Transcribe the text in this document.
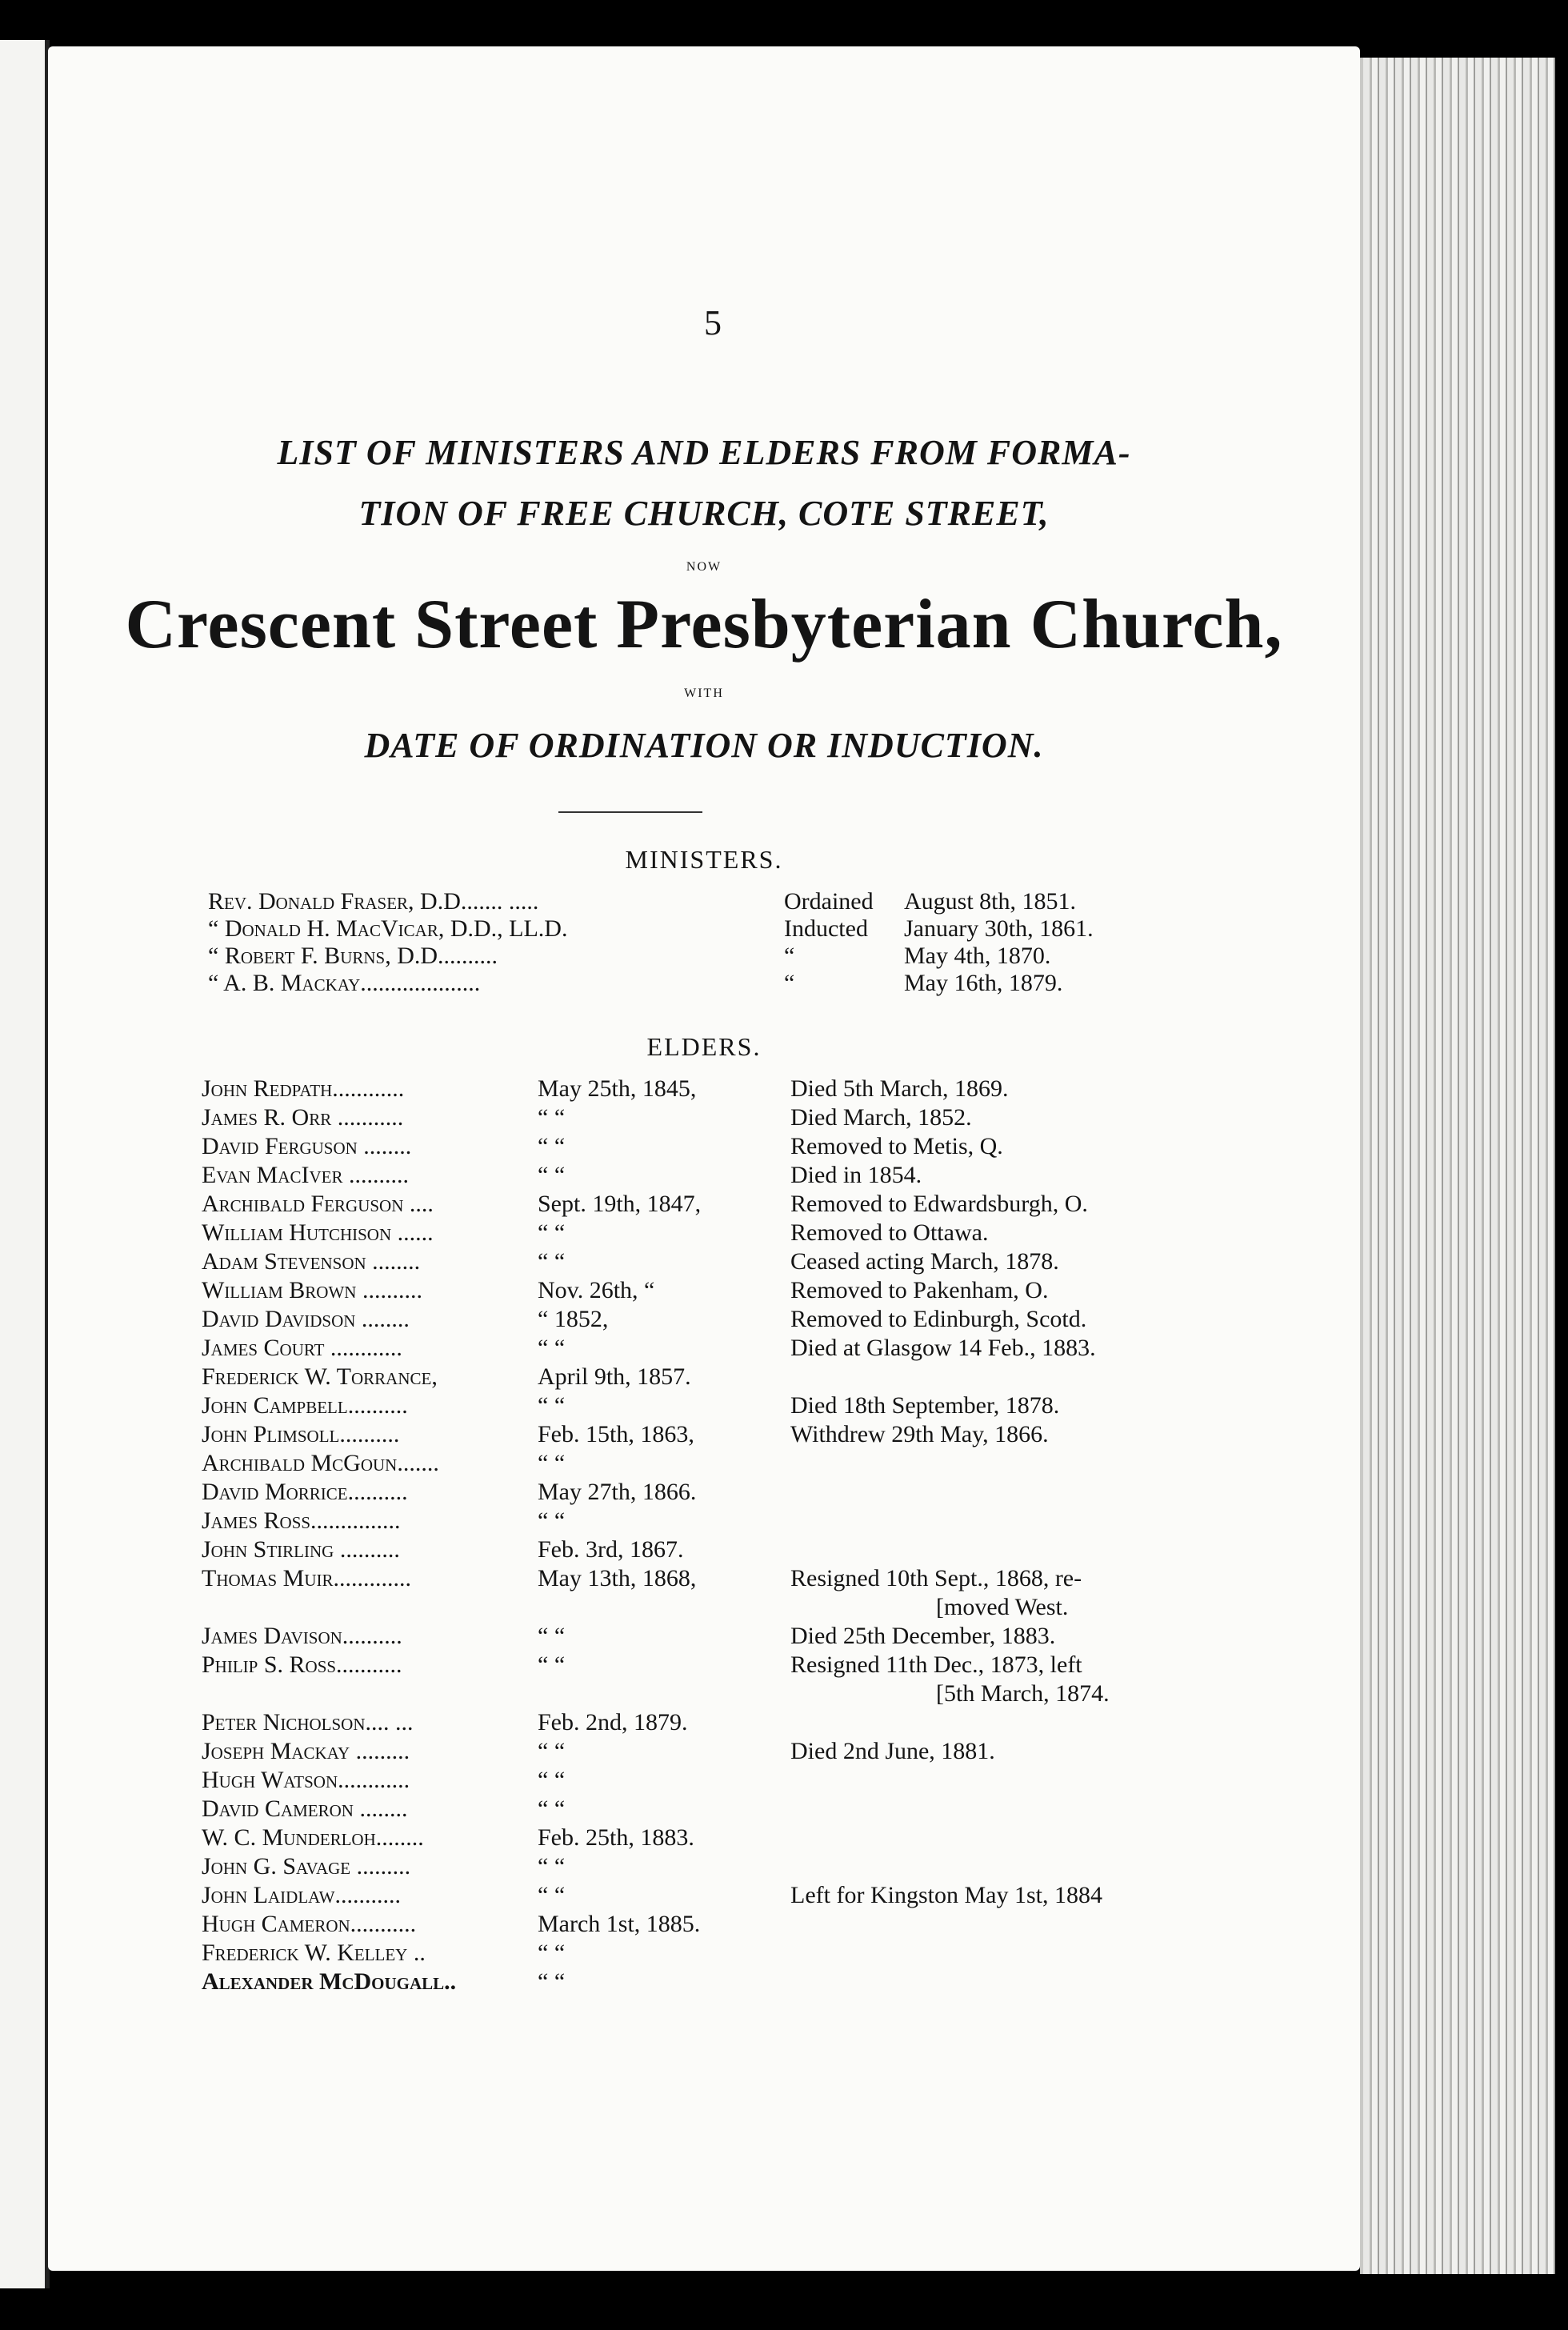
5
LIST OF MINISTERS AND ELDERS FROM FORMA-
TION OF FREE CHURCH, COTE STREET,
NOW
Crescent Street Presbyterian Church,
WITH
DATE OF ORDINATION OR INDUCTION.
MINISTERS.
Rev. Donald Fraser, D.D....... .....	Ordained August 8th, 1851.
“ Donald H. MacVicar, D.D., LL.D.	Inducted January 30th, 1861.
“ Robert F. Burns, D.D..........	“	May 4th, 1870.
“ A. B. Mackay....................	“	May 16th, 1879.
ELDERS.
John Redpath............	May 25th, 1845,	Died 5th March, 1869.
James R. Orr ...........	“ “	Died March, 1852.
David Ferguson ........	“ “	Removed to Metis, Q.
Evan MacIver ..........	“ “	Died in 1854.
Archibald Ferguson ....	Sept. 19th, 1847,	Removed to Edwardsburgh, O.
William Hutchison ......	“ “	Removed to Ottawa.
Adam Stevenson ........	“ “	Ceased acting March, 1878.
William Brown ..........	Nov. 26th, “	Removed to Pakenham, O.
David Davidson ........	“ 1852,	Removed to Edinburgh, Scotd.
James Court ............	“ “	Died at Glasgow 14 Feb., 1883.
Frederick W. Torrance,	April 9th, 1857.
John Campbell..........	“ “	Died 18th September, 1878.
John Plimsoll..........	Feb. 15th, 1863,	Withdrew 29th May, 1866.
Archibald McGoun.......	“ “
David Morrice..........	May 27th, 1866.
James Ross...............	“ “
John Stirling ..........	Feb. 3rd, 1867.
Thomas Muir.............	May 13th, 1868,	Resigned 10th Sept., 1868, re-
[moved West.
James Davison..........	“ “	Died 25th December, 1883.
Philip S. Ross...........	“ “	Resigned 11th Dec., 1873, left
[5th March, 1874.
Peter Nicholson.... ...	Feb. 2nd, 1879.
Joseph Mackay .........	“ “	Died 2nd June, 1881.
Hugh Watson............	“ “
David Cameron ........	“ “
W. C. Munderloh........	Feb. 25th, 1883.
John G. Savage .........	“ “
John Laidlaw...........	“ “	Left for Kingston May 1st, 1884
Hugh Cameron...........	March 1st, 1885.
Frederick W. Kelley ..	“ “
Alexander McDougall..	“ “
